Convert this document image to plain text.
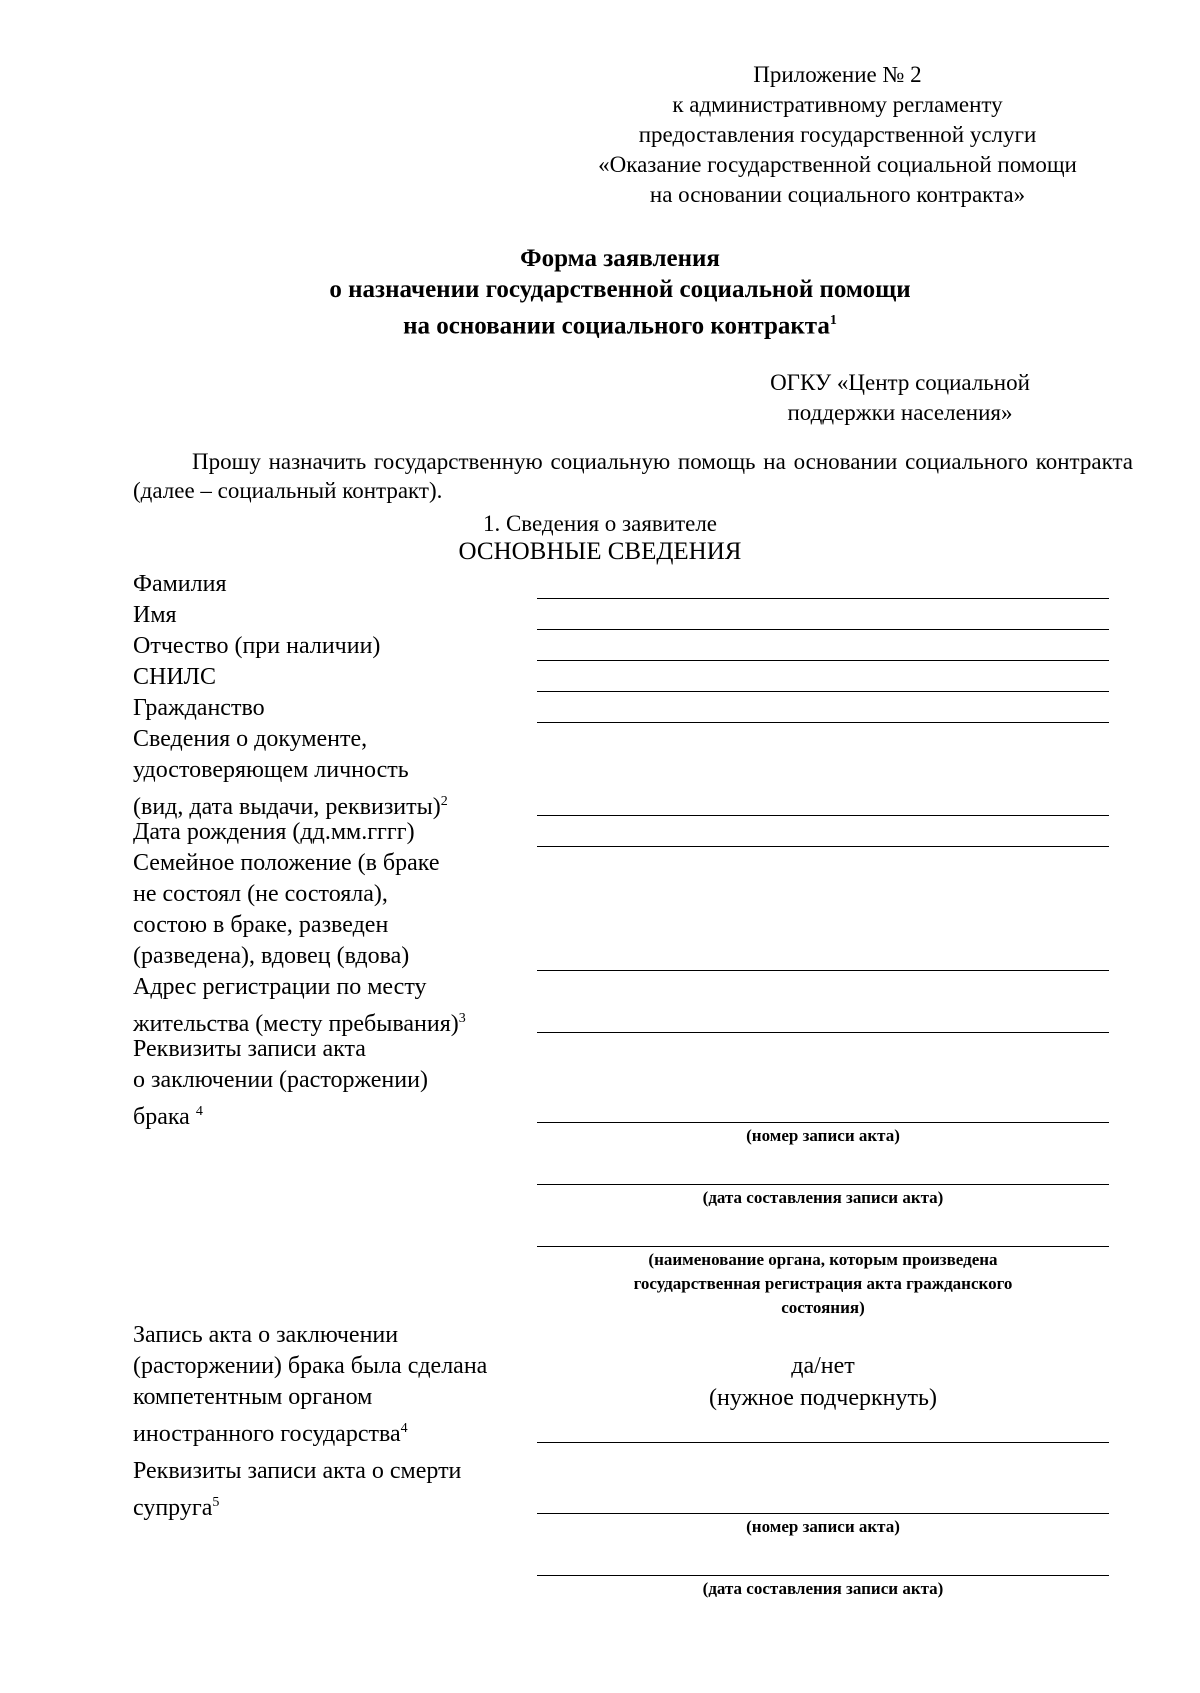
Приложение № 2
к административному регламенту
предоставления государственной услуги
«Оказание государственной социальной помощи
на основании социального контракта»
Форма заявления
о назначении государственной социальной помощи
на основании социального контракта$^1$
ОГКУ «Центр социальной
поддержки населения»
Прошу назначить государственную социальную помощь на основании социального контракта (далее – социальный контракт).
1. Сведения о заявителе
ОСНОВНЫЕ СВЕДЕНИЯ
Фамилия
Имя
Отчество (при наличии)
СНИЛС
Гражданство
Сведения о документе,
удостоверяющем личность
(вид, дата выдачи, реквизиты)$^2$
Дата рождения (дд.мм.гггг)
Семейное положение (в браке
не состоял (не состояла),
состою в браке, разведен
(разведена), вдовец (вдова)
Адрес регистрации по месту
жительства (месту пребывания)$^3$
Реквизиты записи акта
о заключении (расторжении)
брака $^4$
(номер записи акта)
(дата составления записи акта)
(наименование органа, которым произведена
государственная регистрация акта гражданского
состояния)
Запись акта о заключении
(расторжении) брака была сделана
компетентным органом
иностранного государства$^4$
да/нет
(нужное подчеркнуть)
Реквизиты записи акта о смерти
супруга$^5$
(номер записи акта)
(дата составления записи акта)
